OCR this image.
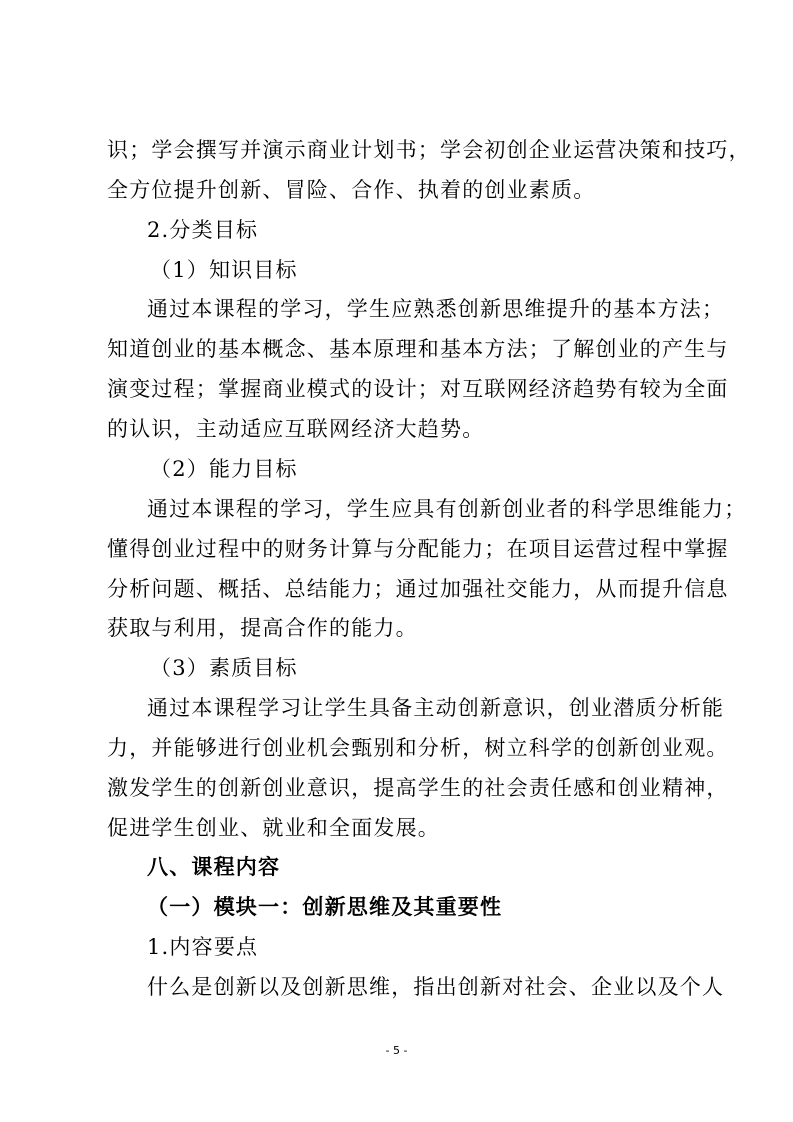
识；学会撰写并演示商业计划书；学会初创企业运营决策和技巧，
全方位提升创新、冒险、合作、执着的创业素质。
2.分类目标
（1）知识目标
通过本课程的学习，学生应熟悉创新思维提升的基本方法；
知道创业的基本概念、基本原理和基本方法；了解创业的产生与
演变过程；掌握商业模式的设计；对互联网经济趋势有较为全面
的认识，主动适应互联网经济大趋势。
（2）能力目标
通过本课程的学习，学生应具有创新创业者的科学思维能力；
懂得创业过程中的财务计算与分配能力；在项目运营过程中掌握
分析问题、概括、总结能力；通过加强社交能力，从而提升信息
获取与利用，提高合作的能力。
（3）素质目标
通过本课程学习让学生具备主动创新意识，创业潜质分析能
力，并能够进行创业机会甄别和分析，树立科学的创新创业观。
激发学生的创新创业意识，提高学生的社会责任感和创业精神，
促进学生创业、就业和全面发展。
八、课程内容
（一）模块一：创新思维及其重要性
1.内容要点
什么是创新以及创新思维，指出创新对社会、企业以及个人
- 5 -
